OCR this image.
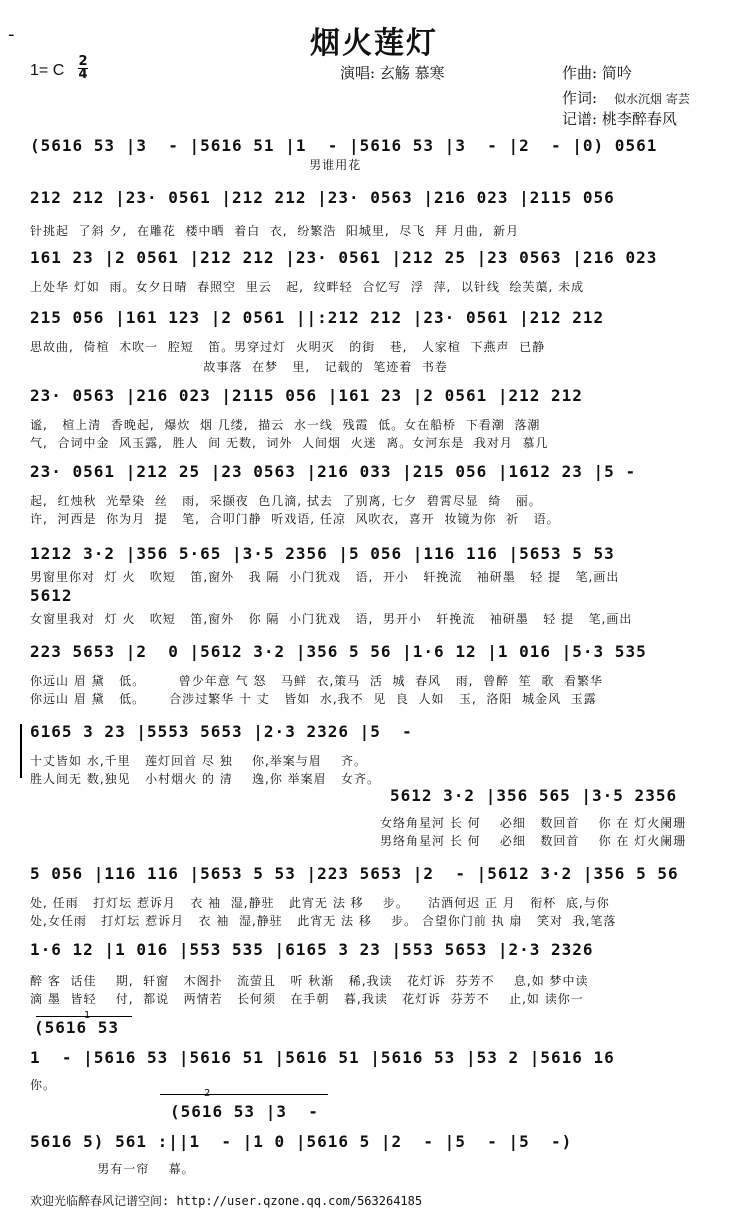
-	烟火莲灯
1= C
2
4	演唱: 玄觞 慕寒	作曲: 简吟
作词: 似水沉烟 寄芸
记谱: 桃李醉春风
(5616 53 |3  - |5616 51 |1  - |5616 53 |3  - |2  - |0) 0561
男谁用花
212 212 |23· 0561 |212 212 |23· 0563 |216 023 |2115 056
针挑起  了斜 夕,  在雕花  楼中晒  着白  衣,  纷繁浩  阳城里,  尽飞  拜 月曲,  新月
161 23 |2 0561 |212 212 |23· 0561 |212 25 |23 0563 |216 023
上处华 灯如  雨。女夕日晴  春照空  里云   起,  纹畔轻  合忆写  浮  萍,  以针线  绘芙蕖, 未成
215 056 |161 123 |2 0561 ||:212 212 |23· 0561 |212 212
思故曲,  倚楦  木吹一  腔短   笛。男穿过灯  火明灭   的街   巷,   人家楦  下燕声  已静
故事落  在梦   里,   记载的  笔迹着  书卷
23· 0563 |216 023 |2115 056 |161 23 |2 0561 |212 212
谧,   楦上清  香晚起,  爆炊  烟 几缕,  描云  水一线  残霞  低。女在船桥  下看潮  落潮
气,  合词中金  风玉露,  胜人  间 无数,  词外  人间烟  火迷  离。女河东是  我对月  慕几
23· 0561 |212 25 |23 0563 |216 033 |215 056 |1612 23 |5 -
起,  红烛秋  光晕染  丝   雨,  采撷夜  色几滴, 拭去  了别离, 七夕  碧霄尽显  绮   丽。
许,  河西是  你为月  提   笔,  合叩门静  听戏语, 任凉  风吹衣,  喜开  妆镜为你  祈   语。
1212 3·2 |356 5·65 |3·5 2356 |5 056 |116 116 |5653 5 53
男窗里你对  灯 火   吹短   笛,窗外   我 隔  小门犹戏   语,  开小   轩挽流   袖研墨   轻 提   笔,画出
5612
女窗里我对  灯 火   吹短   笛,窗外   你 隔  小门犹戏   语,  男开小   轩挽流   袖研墨   轻 提   笔,画出
223 5653 |2  0 |5612 3·2 |356 5 56 |1·6 12 |1 016 |5·3 535
你远山 眉 黛   低。       曾少年意 气 怒   马鲜  衣,策马  活  城  春风   雨,  曾醉  笙  歌  看繁华
你远山 眉 黛   低。     合涉过繁华 十 丈   皆如  水,我不  见  良  人如   玉,  洛阳  城金风  玉露
6165 3 23 |5553 5653 |2·3 2326 |5  -
十丈皆如 水,千里   莲灯回首 尽 独    你,举案与眉    齐。
胜人间无 数,独见   小村烟火 的 清    逸,你 举案眉   女齐。
5612 3·2 |356 565 |3·5 2356
女络角星河 长 何    必细   数回首    你 在 灯火阑珊
男络角星河 长 何    必细   数回首    你 在 灯火阑珊
5 056 |116 116 |5653 5 53 |223 5653 |2  - |5612 3·2 |356 5 56
处, 任雨   打灯坛 惹诉月   衣 袖  湿,静驻   此宵无 法 移    步。    沽酒何迟 正 月   衔杯  底,与你
处,女任雨   打灯坛 惹诉月   衣 袖  湿,静驻   此宵无 法 移    步。 合望你门前 执 扇   笑对  我,笔落
1·6 12 |1 016 |553 535 |6165 3 23 |553 5653 |2·3 2326
醉 客  话佳    期,  轩窗   木阁扑   流萤且   听 秋渐   稀,我读   花灯诉  芬芳不    息,如 梦中读
滴 墨  皆轻    付,  都说   两情若   长何须   在手朝   暮,我读   花灯诉  芬芳不    止,如 读你一
1
(5616 53
1  - |5616 53 |5616 51 |5616 51 |5616 53 |53 2 |5616 16
你。
2
(5616 53 |3  -
5616 5) 561 :||1  - |1 0 |5616 5 |2  - |5  - |5  -)
男有一帘    幕。
欢迎光临醉春风记谱空间: http://user.qzone.qq.com/563264185
